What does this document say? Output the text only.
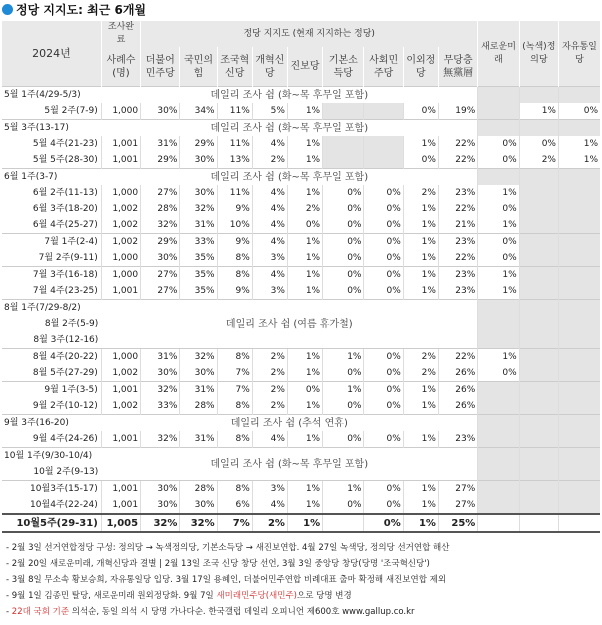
정당 지지도: 최근 6개월
2024년	조사완료	정당 지지도 (현재 지지하는 정당)									새로운미래	(녹색)정의당	자유통일당
	사례수(명)	더불어민주당	국민의힘	조국혁신당	개혁신당	진보당	기본소득당	사회민주당	이외정당	무당층無黨層			
5월 1주(4/29-5/3)	데일리 조사 쉼 (화~목 후무일 포함)												
5월 2주(7-9)	1,000	30%	34%	11%	5%	1%			0%	19%		1%	0%
5월 3주(13-17)	데일리 조사 쉼 (화~목 후무일 포함)												
5월 4주(21-23)	1,001	31%	29%	11%	4%	1%			1%	22%	0%	0%	1%
5월 5주(28-30)	1,001	29%	30%	13%	2%	1%			0%	22%	0%	2%	1%
6월 1주(3-7)	데일리 조사 쉼 (화~목 후무일 포함)												
6월 2주(11-13)	1,000	27%	30%	11%	4%	1%	0%	0%	2%	23%	1%		
6월 3주(18-20)	1,002	28%	32%	9%	4%	2%	0%	0%	1%	22%	0%		
6월 4주(25-27)	1,002	32%	31%	10%	4%	0%	0%	0%	1%	21%	1%		
7월 1주(2-4)	1,002	29%	33%	9%	4%	1%	0%	0%	1%	23%	0%		
7월 2주(9-11)	1,000	30%	35%	8%	3%	1%	0%	0%	1%	22%	0%		
7월 3주(16-18)	1,000	27%	35%	8%	4%	1%	0%	0%	1%	23%	1%		
7월 4주(23-25)	1,001	27%	35%	9%	3%	1%	0%	0%	1%	23%	1%		
8월 1주(7/29-8/2)	데일리 조사 쉼 (여름 휴가철)												
8월 2주(5-9)													
8월 3주(12-16)													
8월 4주(20-22)	1,000	31%	32%	8%	2%	1%	1%	0%	2%	22%	1%		
8월 5주(27-29)	1,002	30%	30%	7%	2%	1%	0%	0%	2%	26%	0%		
9월 1주(3-5)	1,001	32%	31%	7%	2%	0%	1%	0%	1%	26%			
9월 2주(10-12)	1,002	33%	28%	8%	2%	1%	0%	0%	1%	26%			
9월 3주(16-20)	데일리 조사 쉼 (추석 연휴)												
9월 4주(24-26)	1,001	32%	31%	8%	4%	1%	0%	0%	1%	23%			
10월 1주(9/30-10/4)	데일리 조사 쉼 (화~목 후무일 포함)												
10월 2주(9-13)													
10월3주(15-17)	1,001	30%	28%	8%	3%	1%	1%	0%	1%	27%			
10월4주(22-24)	1,001	30%	30%	6%	4%	1%	0%	0%	1%	27%			
10월5주(29-31)	1,005	32%	32%	7%	2%	1%		0%	1%	25%			
- 2월 3일 선거연합정당 구성: 정의당 → 녹색정의당, 기본소득당 → 새진보연합. 4월 27일 녹색당, 정의당 선거연합 해산
- 2월 20일 새로운미래, 개혁신당과 결별 | 2월 13일 조국 신당 창당 선언, 3월 3일 중앙당 창당(당명 '조국혁신당')
- 3월 8일 무소속 황보승희, 자유통일당 입당. 3월 17일 용혜인, 더불어민주연합 비례대표 출마 확정해 새진보연합 제외
- 9월 1일 김종민 탈당, 새로운미래 원외정당화. 9월 7일 새미래민주당(새민주)으로 당명 변경
- 22대 국회 기준 의석순, 동일 의석 시 당명 가나다순. 한국갤럽 데일리 오피니언 제600호 www.gallup.co.kr
